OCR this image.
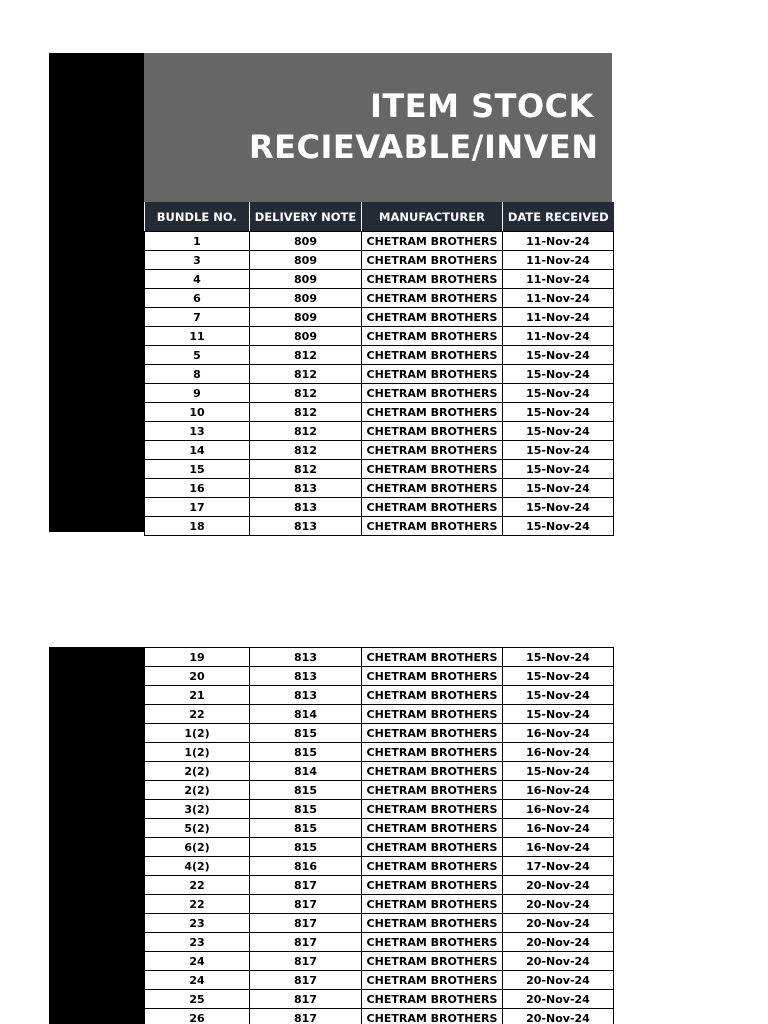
ITEM STOCK
RECIEVABLE/INVEN
BUNDLE NO.	DELIVERY NOTE	MANUFACTURER	DATE RECEIVED
1	809	CHETRAM BROTHERS	11-Nov-24
3	809	CHETRAM BROTHERS	11-Nov-24
4	809	CHETRAM BROTHERS	11-Nov-24
6	809	CHETRAM BROTHERS	11-Nov-24
7	809	CHETRAM BROTHERS	11-Nov-24
11	809	CHETRAM BROTHERS	11-Nov-24
5	812	CHETRAM BROTHERS	15-Nov-24
8	812	CHETRAM BROTHERS	15-Nov-24
9	812	CHETRAM BROTHERS	15-Nov-24
10	812	CHETRAM BROTHERS	15-Nov-24
13	812	CHETRAM BROTHERS	15-Nov-24
14	812	CHETRAM BROTHERS	15-Nov-24
15	812	CHETRAM BROTHERS	15-Nov-24
16	813	CHETRAM BROTHERS	15-Nov-24
17	813	CHETRAM BROTHERS	15-Nov-24
18	813	CHETRAM BROTHERS	15-Nov-24
19	813	CHETRAM BROTHERS	15-Nov-24
20	813	CHETRAM BROTHERS	15-Nov-24
21	813	CHETRAM BROTHERS	15-Nov-24
22	814	CHETRAM BROTHERS	15-Nov-24
1(2)	815	CHETRAM BROTHERS	16-Nov-24
1(2)	815	CHETRAM BROTHERS	16-Nov-24
2(2)	814	CHETRAM BROTHERS	15-Nov-24
2(2)	815	CHETRAM BROTHERS	16-Nov-24
3(2)	815	CHETRAM BROTHERS	16-Nov-24
5(2)	815	CHETRAM BROTHERS	16-Nov-24
6(2)	815	CHETRAM BROTHERS	16-Nov-24
4(2)	816	CHETRAM BROTHERS	17-Nov-24
22	817	CHETRAM BROTHERS	20-Nov-24
22	817	CHETRAM BROTHERS	20-Nov-24
23	817	CHETRAM BROTHERS	20-Nov-24
23	817	CHETRAM BROTHERS	20-Nov-24
24	817	CHETRAM BROTHERS	20-Nov-24
24	817	CHETRAM BROTHERS	20-Nov-24
25	817	CHETRAM BROTHERS	20-Nov-24
26	817	CHETRAM BROTHERS	20-Nov-24
